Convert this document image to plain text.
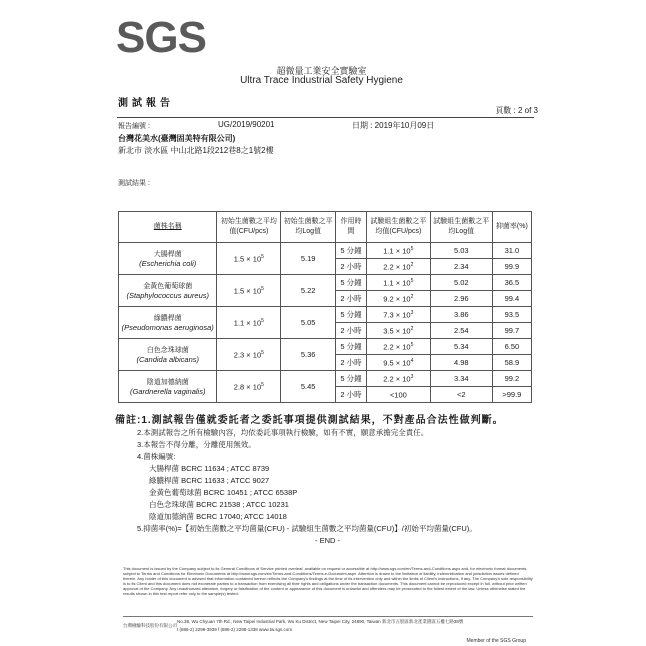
SGS
超微量工業安全實驗室
Ultra Trace Industrial Safety Hygiene
測試報告
頁數 : 2 of 3
報告編號 :	UG/2019/90201	日期 : 2019年10月09日
台灣花美水(臺灣固美特有限公司)
新北市 淡水區 中山北路1段212巷8之1號2樓
測試結果 :
菌株名稱	初始生菌數之平均值(CFU/pcs)	初始生菌數之平均Log值	作用時間	試驗組生菌數之平均值(CFU/pcs)	試驗組生菌數之平均Log值	抑菌率(%)

大腸桿菌
(Escherichia coli)	$1.5 \times 10^5$	5.19	5 分鐘	$1.1 \times 10^5$	5.03	31.0
			2 小時	$2.2 \times 10^2$	2.34	99.9

金黃色葡萄球菌
(Staphylococcus aureus)	$1.5 \times 10^5$	5.22	5 分鐘	$1.1 \times 10^5$	5.02	36.5
			2 小時	$9.2 \times 10^2$	2.96	99.4

綠膿桿菌
(Pseudomonas aeruginosa)	$1.1 \times 10^5$	5.05	5 分鐘	$7.3 \times 10^3$	3.86	93.5
			2 小時	$3.5 \times 10^2$	2.54	99.7

白色念珠球菌
(Candida albicans)	$2.3 \times 10^5$	5.36	5 分鐘	$2.2 \times 10^5$	5.34	6.50
			2 小時	$9.5 \times 10^4$	4.98	58.9

陰道加德納菌
(Gardnerella vaginalis)	$2.8 \times 10^5$	5.45	5 分鐘	$2.2 \times 10^3$	3.34	99.2
			2 小時	<100	<2	>99.9
備註:1.測試報告僅就委託者之委託事項提供測試結果，不對產品合法性做判斷。
2.本測試報告之所有檢驗內容，均依委託事項執行檢驗，如有不實，願意承擔完全責任。
3.本報告不得分離，分離使用無效。
4.菌株編號:
大腸桿菌 BCRC 11634 ; ATCC 8739
綠膿桿菌 BCRC 11633 ; ATCC 9027
金黃色葡萄球菌 BCRC 10451 ; ATCC 6538P
白色念珠球菌 BCRC 21538 ; ATCC 10231
陰道加德納菌 BCRC 17040; ATCC 14018
5.抑菌率(%)=【初始生菌數之平均菌量(CFU) - 試驗組生菌數之平均菌量(CFU)】/初始平均菌量(CFU)。
- END -
This document is issued by the Company subject to its General Conditions of Service printed overleaf, available on request or accessible at http://www.sgs.com/en/Terms-and-Conditions.aspx and, for electronic format documents, subject to Terms and Conditions for Electronic Documents at http://www.sgs.com/en/Terms-and-Conditions/Terms-e-Document.aspx. Attention is drawn to the limitation of liability, indemnification and jurisdiction issues defined therein. Any holder of this document is advised that information contained hereon reflects the Company's findings at the time of its intervention only and within the limits of Client's instructions, if any. The Company's sole responsibility is to its Client and this document does not exonerate parties to a transaction from exercising all their rights and obligations under the transaction documents. This document cannot be reproduced except in full, without prior written approval of the Company. Any unauthorized alteration, forgery or falsification of the content or appearance of this document is unlawful and offenders may be prosecuted to the fullest extent of the law. Unless otherwise stated the results shown in this test report refer only to the sample(s) tested.
台灣檢驗科技股份有限公司
No.38, Wu Chyuan 7th Rd., New Taipei Industrial Park, Wu Ku District, New Taipei City, 24890, Taiwan 新北市五股區新北產業園區五權七路38號
t (886-2) 2299-3939 f (886-2) 2298-1338 www.tw.sgs.com
Member of the SGS Group
